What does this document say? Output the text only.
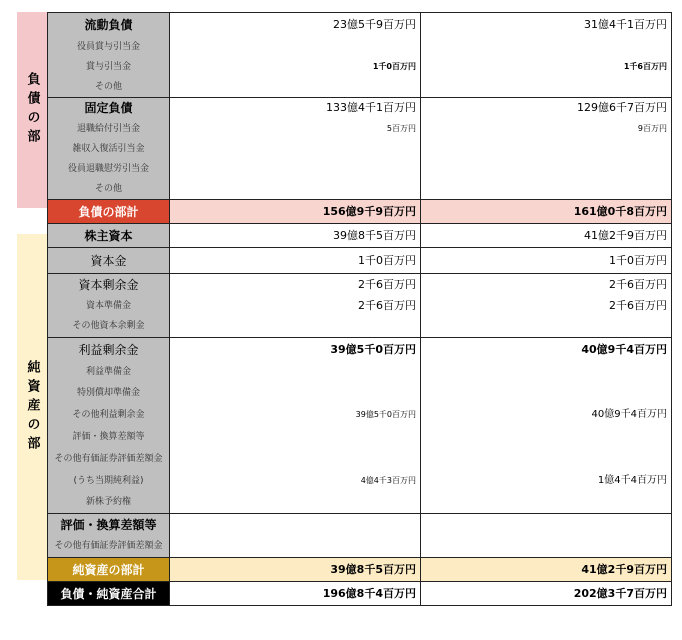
負債の部
純資産の部
流動負債	23億5千9百万円	31億4千1百万円
役員賞与引当金		
賞与引当金	1千0百万円	1千6百万円
その他		
固定負債	133億4千1百万円	129億6千7百万円
退職給付引当金	5百万円	9百万円
雑収入復活引当金		
役員退職慰労引当金		
その他		
負債の部計	156億9千9百万円	161億0千8百万円
株主資本	39億8千5百万円	41億2千9百万円
資本金	1千0百万円	1千0百万円
資本剰余金	2千6百万円	2千6百万円
資本準備金	2千6百万円	2千6百万円
その他資本余剰金		
利益剰余金	39億5千0百万円	40億9千4百万円
利益準備金		
特別償却準備金		
その他利益剰余金	39億5千0百万円	40億9千4百万円
評価・換算差額等		
その他有価証券評価差額金		
(うち当期純利益)	4億4千3百万円	1億4千4百万円
新株予約権		
評価・換算差額等		
その他有価証券評価差額金		
純資産の部計	39億8千5百万円	41億2千9百万円
負債・純資産合計	196億8千4百万円	202億3千7百万円
